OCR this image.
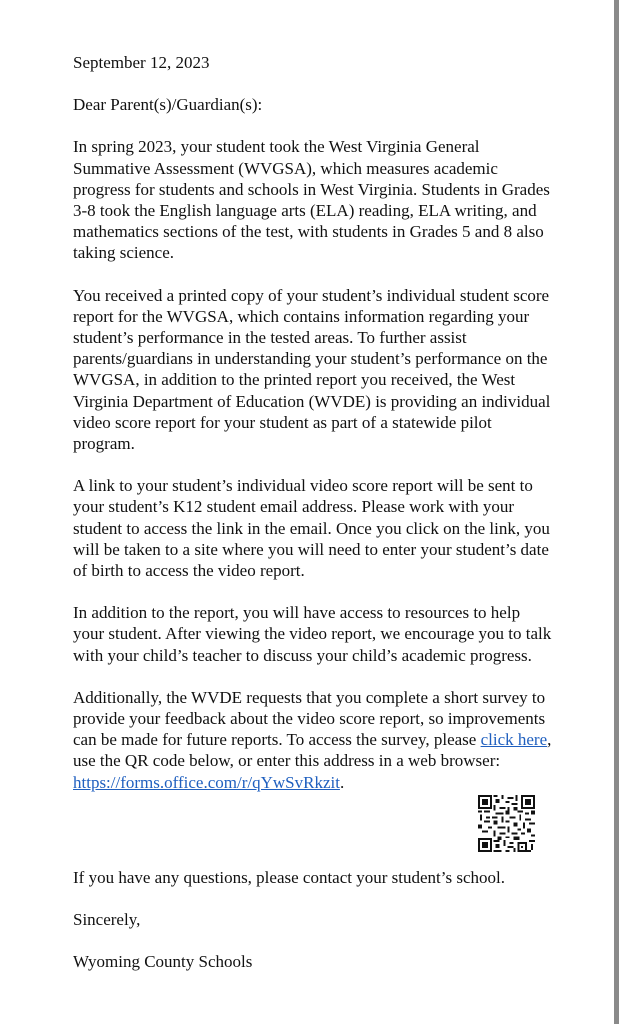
September 12, 2023

Dear Parent(s)/Guardian(s):

In spring 2023, your student took the West Virginia General Summative Assessment (WVGSA), which measures academic progress for students and schools in West Virginia. Students in Grades 3-8 took the English language arts (ELA) reading, ELA writing, and mathematics sections of the test, with students in Grades 5 and 8 also taking science.

You received a printed copy of your student’s individual student score report for the WVGSA, which contains information regarding your student’s performance in the tested areas. To further assist parents/guardians in understanding your student’s performance on the WVGSA, in addition to the printed report you received, the West Virginia Department of Education (WVDE) is providing an individual video score report for your student as part of a statewide pilot program.

A link to your student’s individual video score report will be sent to your student’s K12 student email address. Please work with your student to access the link in the email. Once you click on the link, you will be taken to a site where you will need to enter your student’s date of birth to access the video report.

In addition to the report, you will have access to resources to help your student. After viewing the video report, we encourage you to talk with your child’s teacher to discuss your child’s academic progress.

Additionally, the WVDE requests that you complete a short survey to provide your feedback about the video score report, so improvements can be made for future reports. To access the survey, please click here, use the QR code below, or enter this address in a web browser: https://forms.office.com/r/qYwSvRkzit.

If you have any questions, please contact your student’s school.

Sincerely,

Wyoming County Schools
